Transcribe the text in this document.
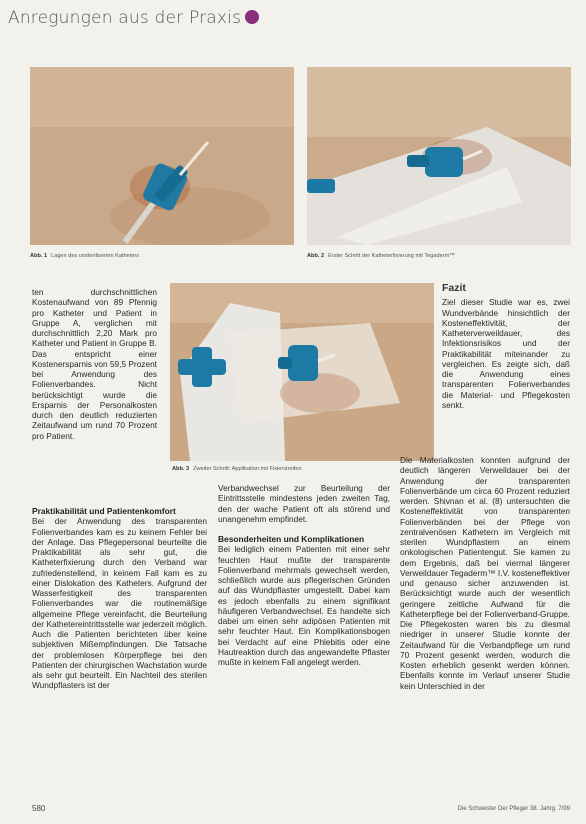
Anregungen aus der Praxis
Abb. 1 Lagen des unsteriliserten Katheters	Abb. 2 Erster Schritt der Katheterfixierung mit Tegaderm™
Abb. 3 Zweiter Schritt: Applikation mit Fixierstreifen

ten durchschnittlichen Kostenaufwand von 89 Pfennig pro Katheter und Patient in Gruppe A, verglichen mit durchschnittlich 2,20 Mark pro Katheter und Patient in Gruppe B. Das entspricht einer Kostenersparnis von 59,5 Prozent bei Anwendung des Folienverbandes. Nicht berücksichtigt wurde die Ersparnis der Personalkosten durch den deutlich reduzierten Zeitaufwand um rund 70 Prozent pro Patient.

Praktikabilität und Patientenkomfort

Bei der Anwendung des transparenten Folienverbandes kam es zu keinem Fehler bei der Anlage. Das Pflegepersonal beurteilte die Praktikabilität als sehr gut, die Katheterfixierung durch den Verband war zufriedenstellend, in keinem Fall kam es zu einer Dislokation des Katheters. Aufgrund der Wasserfestigkeit des transparenten Folienverbandes war die routinemäßige allgemeine Pflege vereinfacht, die Beurteilung der Kathetereintrittsstelle war jederzeit möglich. Auch die Patienten berichteten über keine subjektiven Mißempfindungen. Die Tatsache der problemlosen Körperpflege bei den Patienten der chirurgischen Wachstation wurde als sehr gut beurteilt. Ein Nachteil des sterilen Wundpflasters ist der

Verbandwechsel zur Beurteilung der Eintrittsstelle mindestens jeden zweiten Tag, den der wache Patient oft als störend und unangenehm empfindet.

Besonderheiten und Komplikationen

Bei lediglich einem Patienten mit einer sehr feuchten Haut mußte der transparente Folienverband mehrmals gewechselt werden, schließlich wurde aus pflegerischen Gründen auf das Wundpflaster umgestellt. Dabei kam es jedoch ebenfalls zu einem signifikant häufigeren Verbandwechsel. Es handelte sich dabei um einen sehr adipösen Patienten mit sehr feuchter Haut. Ein Komplikationsbogen bei Verdacht auf eine Phlebitis oder eine Hautreaktion durch das angewandelte Pflaster mußte in keinem Fall angelegt werden.

Fazit

Ziel dieser Studie war es, zwei Wundverbände hinsichtlich der Kosteneffektivität, der Katheterverweildauer, des Infektionsrisikos und der Praktikabilität miteinander zu vergleichen. Es zeigte sich, daß die Anwendung eines transparenten Folienverbandes die Material- und Pflegekosten senkt.

Die Materialkosten konnten aufgrund der deutlich längeren Verweildauer bei der Anwendung der transparenten Folienverbände um circa 60 Prozent reduziert werden. Shivnan et al. (8) untersuchten die Kosteneffektivität von transparenten Folienverbänden bei der Pflege von zentralvenösen Kathetern im Vergleich mit sterilen Wundpflastern an einem onkologischen Patientengut. Sie kamen zu dem Ergebnis, daß bei viermal längerer Verweildauer Tegaderm™ I.V. kosteneffektiver und genauso sicher anzuwenden ist. Berücksichtigt wurde auch der wesentlich geringere zeitliche Aufwand für die Katheterpflege bei der Folienverband-Gruppe. Die Pflegekosten waren bis zu diesmal niedriger in unserer Studie konnte der Zeitaufwand für die Verbandpflege um rund 70 Prozent gesenkt werden, wodurch die Kosten erheblich gesenkt werden können. Ebenfalls konnte im Verlauf unserer Studie kein Unterschied in der

580	Die Schwester Der Pfleger 38. Jahrg. 7/99
